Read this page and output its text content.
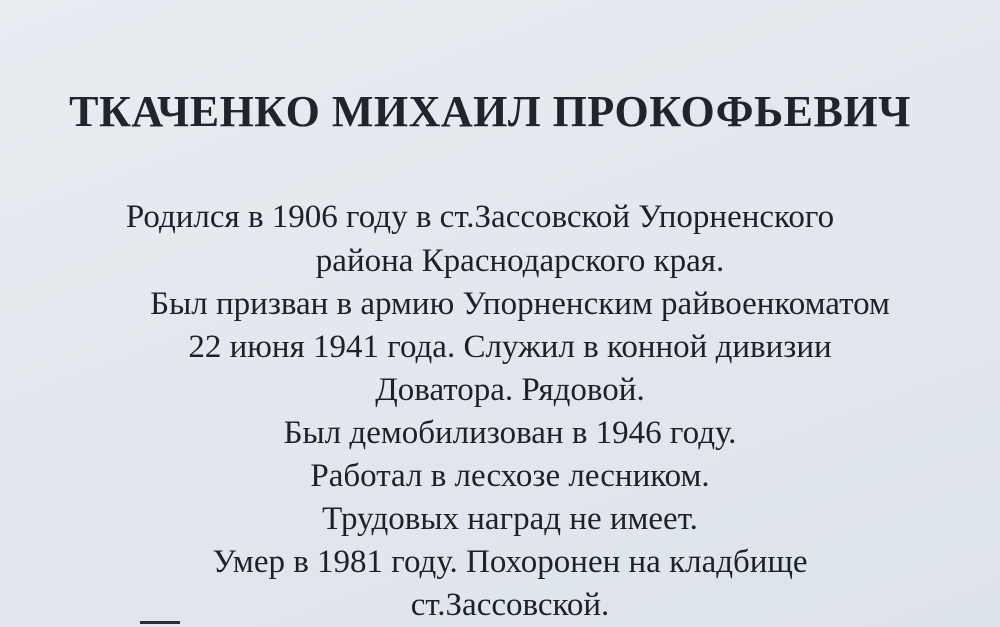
ТКАЧЕНКО МИХАИЛ ПРОКОФЬЕВИЧ
Родился в 1906 году в ст.Зассовской Упорненского
района Краснодарского края.
Был призван в армию Упорненским райвоенкоматом
22 июня 1941 года. Служил в конной дивизии
Доватора. Рядовой.
Был демобилизован в 1946 году.
Работал в лесхозе лесником.
Трудовых наград не имеет.
Умер в 1981 году. Похоронен на кладбище
ст.Зассовской.
